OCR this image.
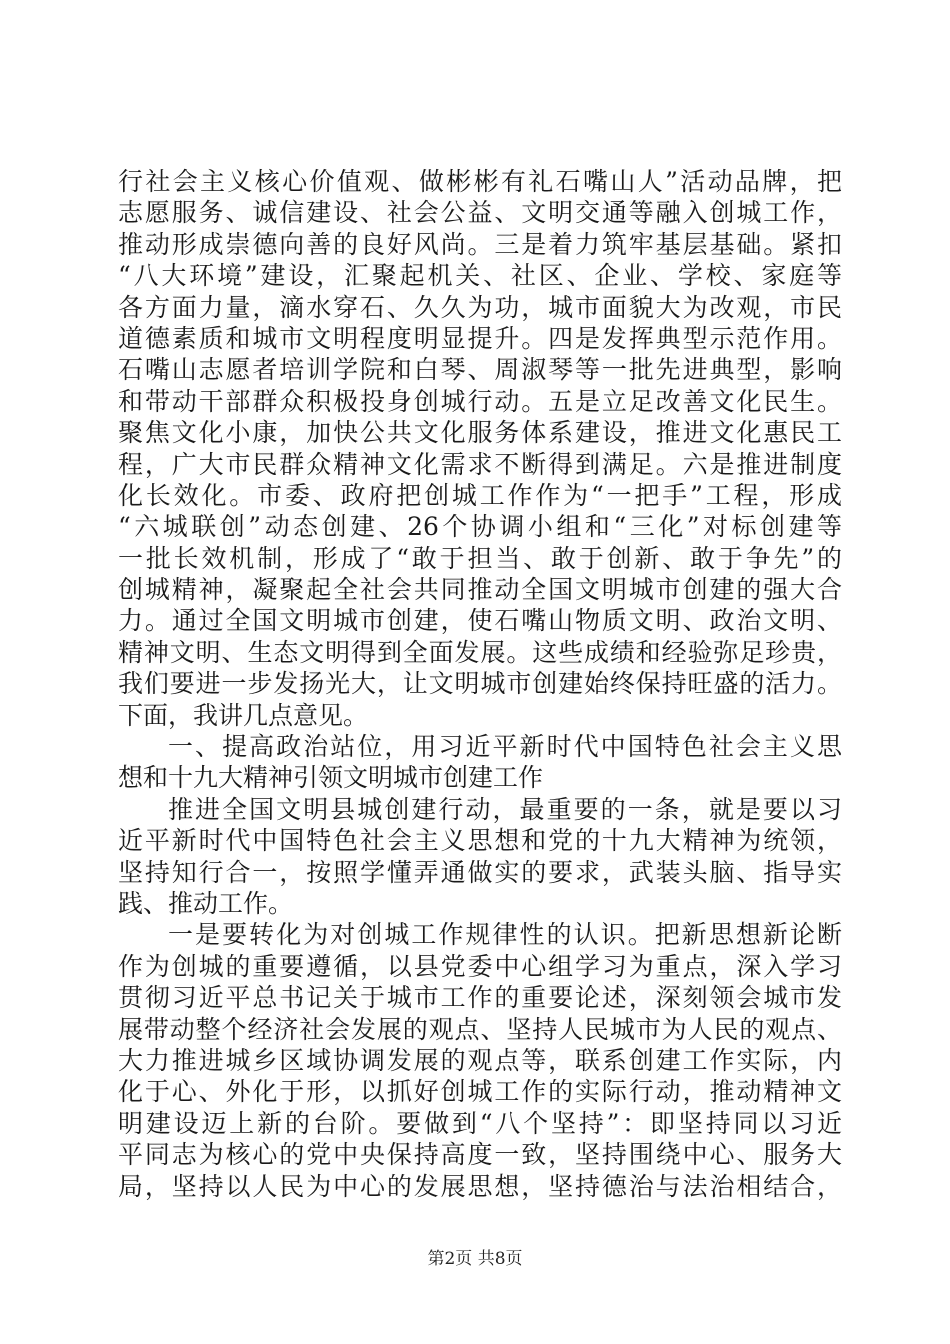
行社会主义核心价值观、做彬彬有礼石嘴山人”活动品牌，把
志愿服务、诚信建设、社会公益、文明交通等融入创城工作，
推动形成崇德向善的良好风尚。三是着力筑牢基层基础。紧扣
“八大环境”建设，汇聚起机关、社区、企业、学校、家庭等
各方面力量，滴水穿石、久久为功，城市面貌大为改观，市民
道德素质和城市文明程度明显提升。四是发挥典型示范作用。
石嘴山志愿者培训学院和白琴、周淑琴等一批先进典型，影响
和带动干部群众积极投身创城行动。五是立足改善文化民生。
聚焦文化小康，加快公共文化服务体系建设，推进文化惠民工
程，广大市民群众精神文化需求不断得到满足。六是推进制度
化长效化。市委、政府把创城工作作为“一把手”工程，形成
“六城联创”动态创建、26个协调小组和“三化”对标创建等
一批长效机制，形成了“敢于担当、敢于创新、敢于争先”的
创城精神，凝聚起全社会共同推动全国文明城市创建的强大合
力。通过全国文明城市创建，使石嘴山物质文明、政治文明、
精神文明、生态文明得到全面发展。这些成绩和经验弥足珍贵，
我们要进一步发扬光大，让文明城市创建始终保持旺盛的活力。
下面，我讲几点意见。
一、提高政治站位，用习近平新时代中国特色社会主义思
想和十九大精神引领文明城市创建工作
推进全国文明县城创建行动，最重要的一条，就是要以习
近平新时代中国特色社会主义思想和党的十九大精神为统领，
坚持知行合一，按照学懂弄通做实的要求，武装头脑、指导实
践、推动工作。
一是要转化为对创城工作规律性的认识。把新思想新论断
作为创城的重要遵循，以县党委中心组学习为重点，深入学习
贯彻习近平总书记关于城市工作的重要论述，深刻领会城市发
展带动整个经济社会发展的观点、坚持人民城市为人民的观点、
大力推进城乡区域协调发展的观点等，联系创建工作实际，内
化于心、外化于形，以抓好创城工作的实际行动，推动精神文
明建设迈上新的台阶。要做到“八个坚持”：即坚持同以习近
平同志为核心的党中央保持高度一致，坚持围绕中心、服务大
局，坚持以人民为中心的发展思想，坚持德治与法治相结合，
第2页 共8页
